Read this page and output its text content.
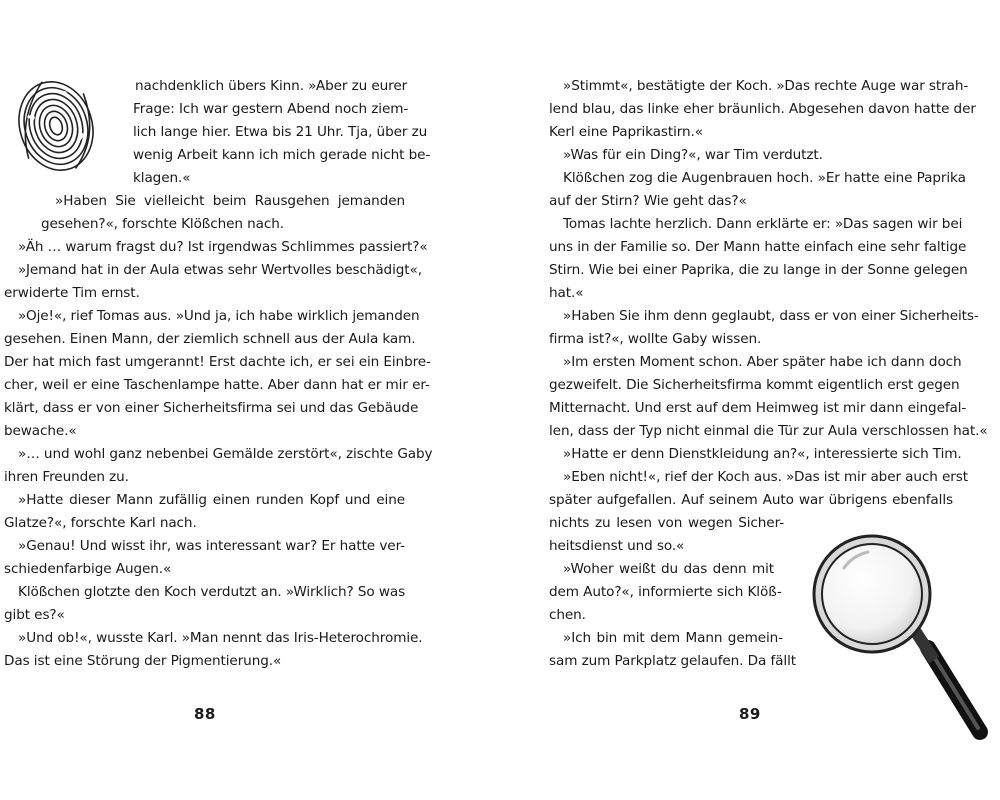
nachdenklich übers Kinn. »Aber zu eurer
Frage: Ich war gestern Abend noch ziem-
lich lange hier. Etwa bis 21 Uhr. Tja, über zu
wenig Arbeit kann ich mich gerade nicht be-
klagen.«
»Haben Sie vielleicht beim Rausgehen jemanden
gesehen?«, forschte Klößchen nach.
»Äh … warum fragst du? Ist irgendwas Schlimmes passiert?«
»Jemand hat in der Aula etwas sehr Wertvolles beschädigt«,
erwiderte Tim ernst.
»Oje!«, rief Tomas aus. »Und ja, ich habe wirklich jemanden
gesehen. Einen Mann, der ziemlich schnell aus der Aula kam.
Der hat mich fast umgerannt! Erst dachte ich, er sei ein Einbre-
cher, weil er eine Taschenlampe hatte. Aber dann hat er mir er-
klärt, dass er von einer Sicherheitsfirma sei und das Gebäude
bewache.«
»… und wohl ganz nebenbei Gemälde zerstört«, zischte Gaby
ihren Freunden zu.
»Hatte dieser Mann zufällig einen runden Kopf und eine
Glatze?«, forschte Karl nach.
»Genau! Und wisst ihr, was interessant war? Er hatte ver-
schiedenfarbige Augen.«
Klößchen glotzte den Koch verdutzt an. »Wirklich? So was
gibt es?«
»Und ob!«, wusste Karl. »Man nennt das Iris-Heterochromie.
Das ist eine Störung der Pigmentierung.«
88
»Stimmt«, bestätigte der Koch. »Das rechte Auge war strah-
lend blau, das linke eher bräunlich. Abgesehen davon hatte der
Kerl eine Paprikastirn.«
»Was für ein Ding?«, war Tim verdutzt.
Klößchen zog die Augenbrauen hoch. »Er hatte eine Paprika
auf der Stirn? Wie geht das?«
Tomas lachte herzlich. Dann erklärte er: »Das sagen wir bei
uns in der Familie so. Der Mann hatte einfach eine sehr faltige
Stirn. Wie bei einer Paprika, die zu lange in der Sonne gelegen
hat.«
»Haben Sie ihm denn geglaubt, dass er von einer Sicherheits-
firma ist?«, wollte Gaby wissen.
»Im ersten Moment schon. Aber später habe ich dann doch
gezweifelt. Die Sicherheitsfirma kommt eigentlich erst gegen
Mitternacht. Und erst auf dem Heimweg ist mir dann eingefal-
len, dass der Typ nicht einmal die Tür zur Aula verschlossen hat.«
»Hatte er denn Dienstkleidung an?«, interessierte sich Tim.
»Eben nicht!«, rief der Koch aus. »Das ist mir aber auch erst
später aufgefallen. Auf seinem Auto war übrigens ebenfalls
nichts zu lesen von wegen Sicher-
heitsdienst und so.«
»Woher weißt du das denn mit
dem Auto?«, informierte sich Klöß-
chen.
»Ich bin mit dem Mann gemein-
sam zum Parkplatz gelaufen. Da fällt
89
